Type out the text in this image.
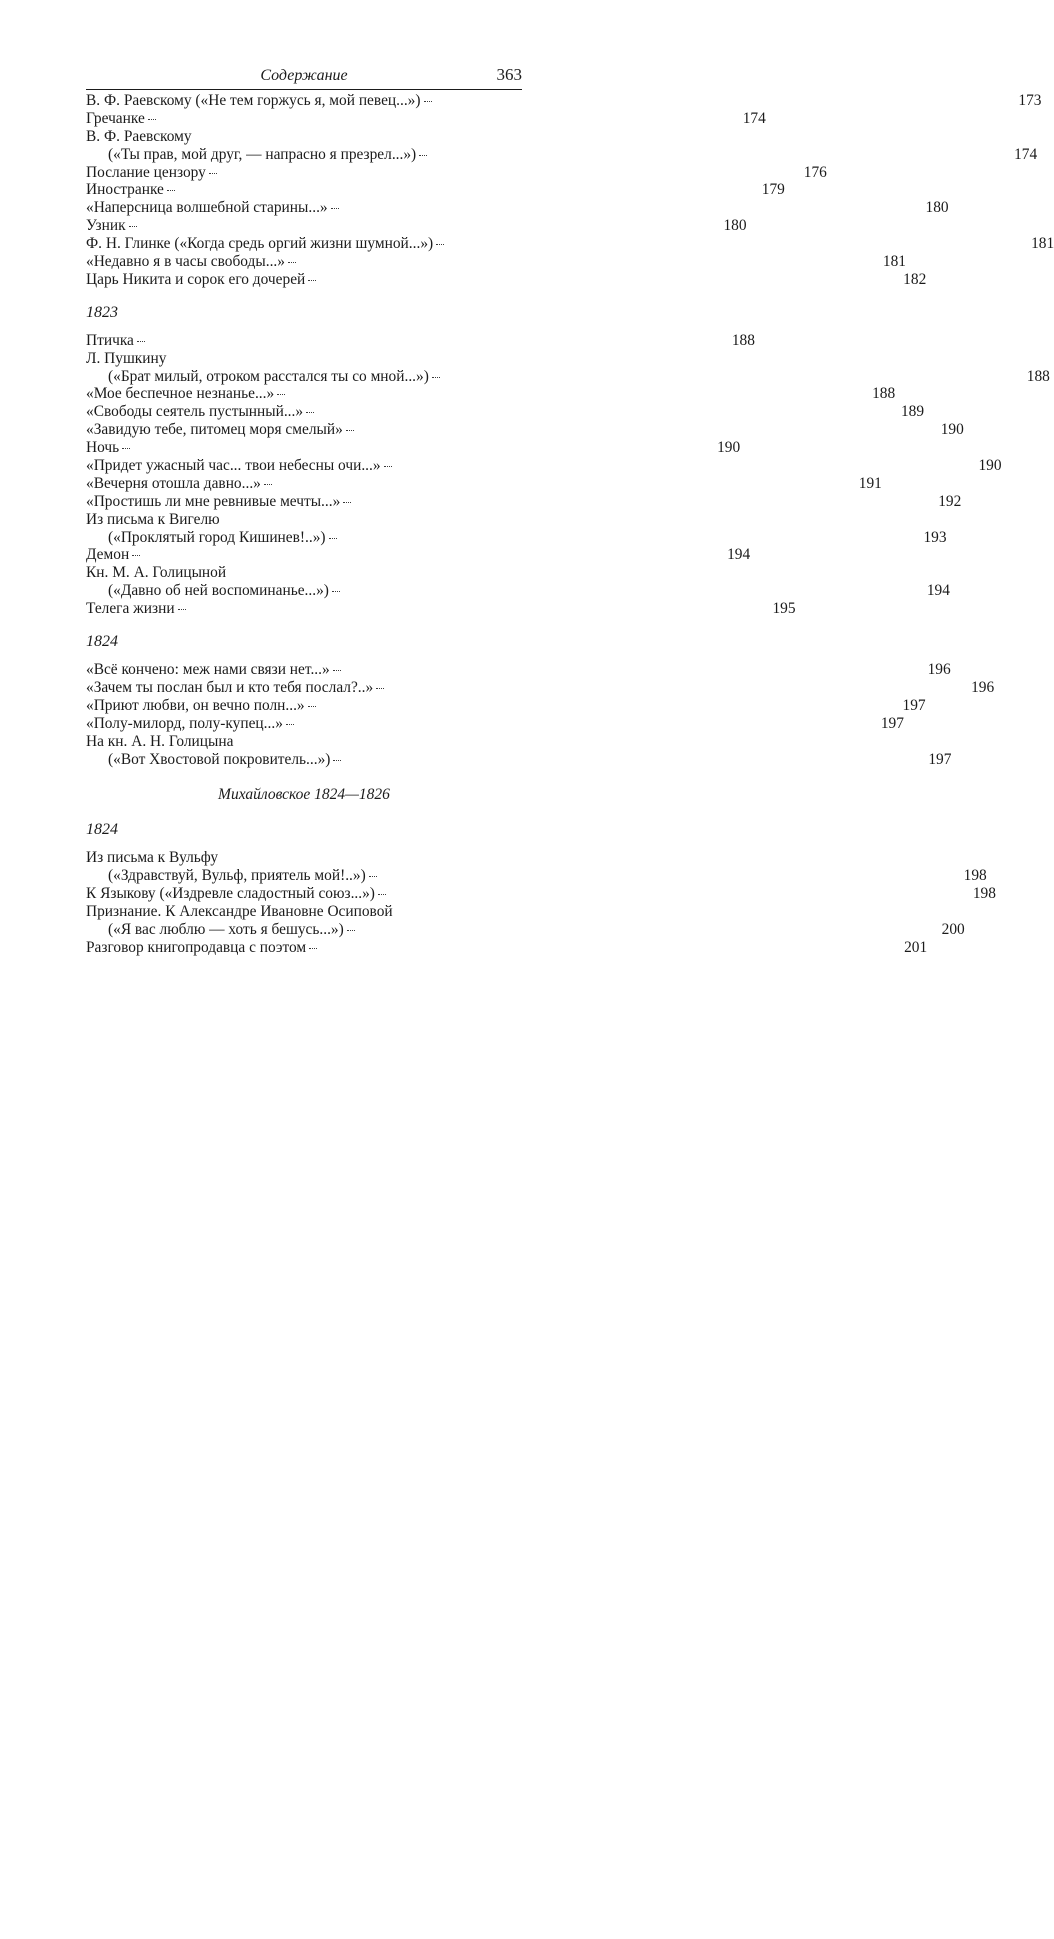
Содержание	363
В. Ф. Раевскому («Не тем горжусь я, мой певец...»)	173
Гречанке	174
В. Ф. Раевскому
(«Ты прав, мой друг, — напрасно я презрел...»)	174
Послание цензору	176
Иностранке	179
«Наперсница волшебной старины...»	180
Узник	180
Ф. Н. Глинке («Когда средь оргий жизни шумной...»)	181
«Недавно я в часы свободы...»	181
Царь Никита и сорок его дочерей	182
1823
Птичка	188
Л. Пушкину
(«Брат милый, отроком расстался ты со мной...»)	188
«Мое беспечное незнанье...»	188
«Свободы сеятель пустынный...»	189
«Завидую тебе, питомец моря смелый»	190
Ночь	190
«Придет ужасный час... твои небесны очи...»	190
«Вечерня отошла давно...»	191
«Простишь ли мне ревнивые мечты...»	192
Из письма к Вигелю
(«Проклятый город Кишинев!..»)	193
Демон	194
Кн. М. А. Голицыной
(«Давно об ней воспоминанье...»)	194
Телега жизни	195
1824
«Всё кончено: меж нами связи нет...»	196
«Зачем ты послан был и кто тебя послал?..»	196
«Приют любви, он вечно полн...»	197
«Полу-милорд, полу-купец...»	197
На кн. А. Н. Голицына
(«Вот Хвостовой покровитель...»)	197
Михайловское 1824—1826
1824
Из письма к Вульфу
(«Здравствуй, Вульф, приятель мой!..»)	198
К Языкову («Издревле сладостный союз...»)	198
Признание. К Александре Ивановне Осиповой
(«Я вас люблю — хоть я бешусь...»)	200
Разговор книгопродавца с поэтом	201
